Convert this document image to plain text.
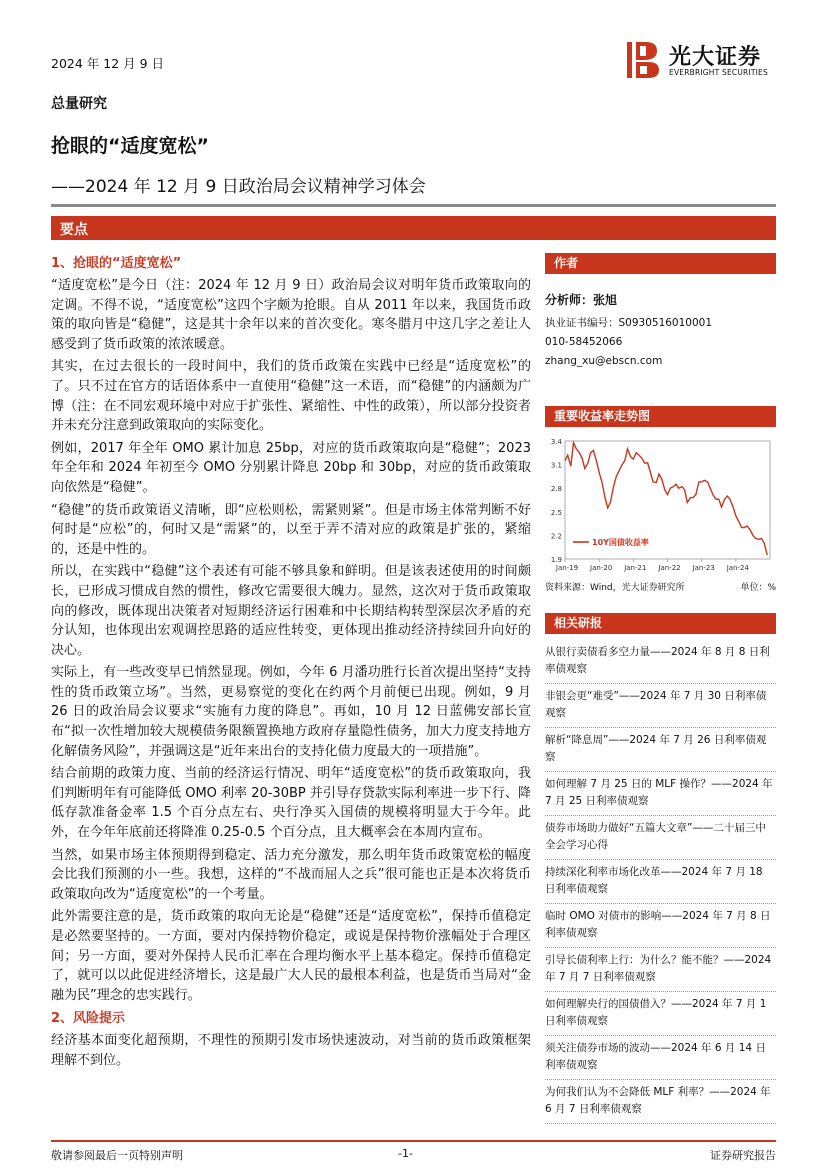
2024 年 12 月 9 日	光大证券
EVERBRIGHT SECURITIES
总量研究
抢眼的“适度宽松”
——2024 年 12 月 9 日政治局会议精神学习体会
要点
1、抢眼的“适度宽松”

“适度宽松”是今日（注：2024 年 12 月 9 日）政治局会议对明年货币政策取向的定调。不得不说，“适度宽松”这四个字颇为抢眼。自从 2011 年以来，我国货币政策的取向皆是“稳健”，这是其十余年以来的首次变化。寒冬腊月中这几字之差让人感受到了货币政策的浓浓暖意。

其实，在过去很长的一段时间中，我们的货币政策在实践中已经是“适度宽松”的了。只不过在官方的话语体系中一直使用“稳健”这一术语，而“稳健”的内涵颇为广博（注：在不同宏观环境中对应于扩张性、紧缩性、中性的政策），所以部分投资者并未充分注意到政策取向的实际变化。

例如，2017 年全年 OMO 累计加息 25bp，对应的货币政策取向是“稳健”；2023 年全年和 2024 年初至今 OMO 分别累计降息 20bp 和 30bp，对应的货币政策取向依然是“稳健”。

“稳健”的货币政策语义清晰，即“应松则松，需紧则紧”。但是市场主体常判断不好何时是“应松”的，何时又是“需紧”的，以至于弄不清对应的政策是扩张的，紧缩的，还是中性的。

所以，在实践中“稳健”这个表述有可能不够具象和鲜明。但是该表述使用的时间颇长，已形成习惯成自然的惯性，修改它需要很大魄力。显然，这次对于货币政策取向的修改，既体现出决策者对短期经济运行困难和中长期结构转型深层次矛盾的充分认知，也体现出宏观调控思路的适应性转变，更体现出推动经济持续回升向好的决心。

实际上，有一些改变早已悄然显现。例如，今年 6 月潘功胜行长首次提出坚持“支持性的货币政策立场”。当然，更易察觉的变化在约两个月前便已出现。例如，9 月 26 日的政治局会议要求“实施有力度的降息”。再如，10 月 12 日蓝佛安部长宣布“拟一次性增加较大规模债务限额置换地方政府存量隐性债务，加大力度支持地方化解债务风险”，并强调这是“近年来出台的支持化债力度最大的一项措施”。

结合前期的政策力度、当前的经济运行情况、明年“适度宽松”的货币政策取向，我们判断明年有可能降低 OMO 利率 20-30BP 并引导存贷款实际利率进一步下行、降低存款准备金率 1.5 个百分点左右、央行净买入国债的规模将明显大于今年。此外，在今年年底前还将降准 0.25-0.5 个百分点，且大概率会在本周内宣布。

当然，如果市场主体预期得到稳定、活力充分激发，那么明年货币政策宽松的幅度会比我们预测的小一些。我想，这样的“不战而屈人之兵”很可能也正是本次将货币政策取向改为“适度宽松”的一个考量。

此外需要注意的是，货币政策的取向无论是“稳健”还是“适度宽松”，保持币值稳定是必然要坚持的。一方面，要对内保持物价稳定，或说是保持物价涨幅处于合理区间；另一方面，要对外保持人民币汇率在合理均衡水平上基本稳定。保持币值稳定了，就可以以此促进经济增长，这是最广大人民的最根本利益，也是货币当局对“金融为民”理念的忠实践行。

2、风险提示

经济基本面变化超预期，不理性的预期引发市场快速波动，对当前的货币政策框架理解不到位。

作者
分析师：张旭
执业证书编号：S0930516010001
010-58452066
zhang_xu@ebscn.com
重要收益率走势图
3.4
3.1
2.8
2.5
2.2
1.9
Jan-19 Jan-20 Jan-21 Jan-22 Jan-23 Jan-24
10Y国债收益率
资料来源：Wind，光大证券研究所	单位：%
相关研报
从银行卖债看多空力量——2024 年 8 月 8 日利率债观察
非银会更“难受”——2024 年 7 月 30 日利率债观察
解析“降息周”——2024 年 7 月 26 日利率债观察
如何理解 7 月 25 日的 MLF 操作？——2024 年 7 月 25 日利率债观察
债券市场助力做好“五篇大文章”——二十届三中全会学习心得
持续深化利率市场化改革——2024 年 7 月 18 日利率债观察
临时 OMO 对债市的影响——2024 年 7 月 8 日利率债观察
引导长债利率上行：为什么？能不能？——2024 年 7 月 7 日利率债观察
如何理解央行的国债借入？——2024 年 7 月 1 日利率债观察
须关注债券市场的波动——2024 年 6 月 14 日利率债观察
为何我们认为不会降低 MLF 利率？——2024 年 6 月 7 日利率债观察
敬请参阅最后一页特别声明	-1-	证券研究报告
